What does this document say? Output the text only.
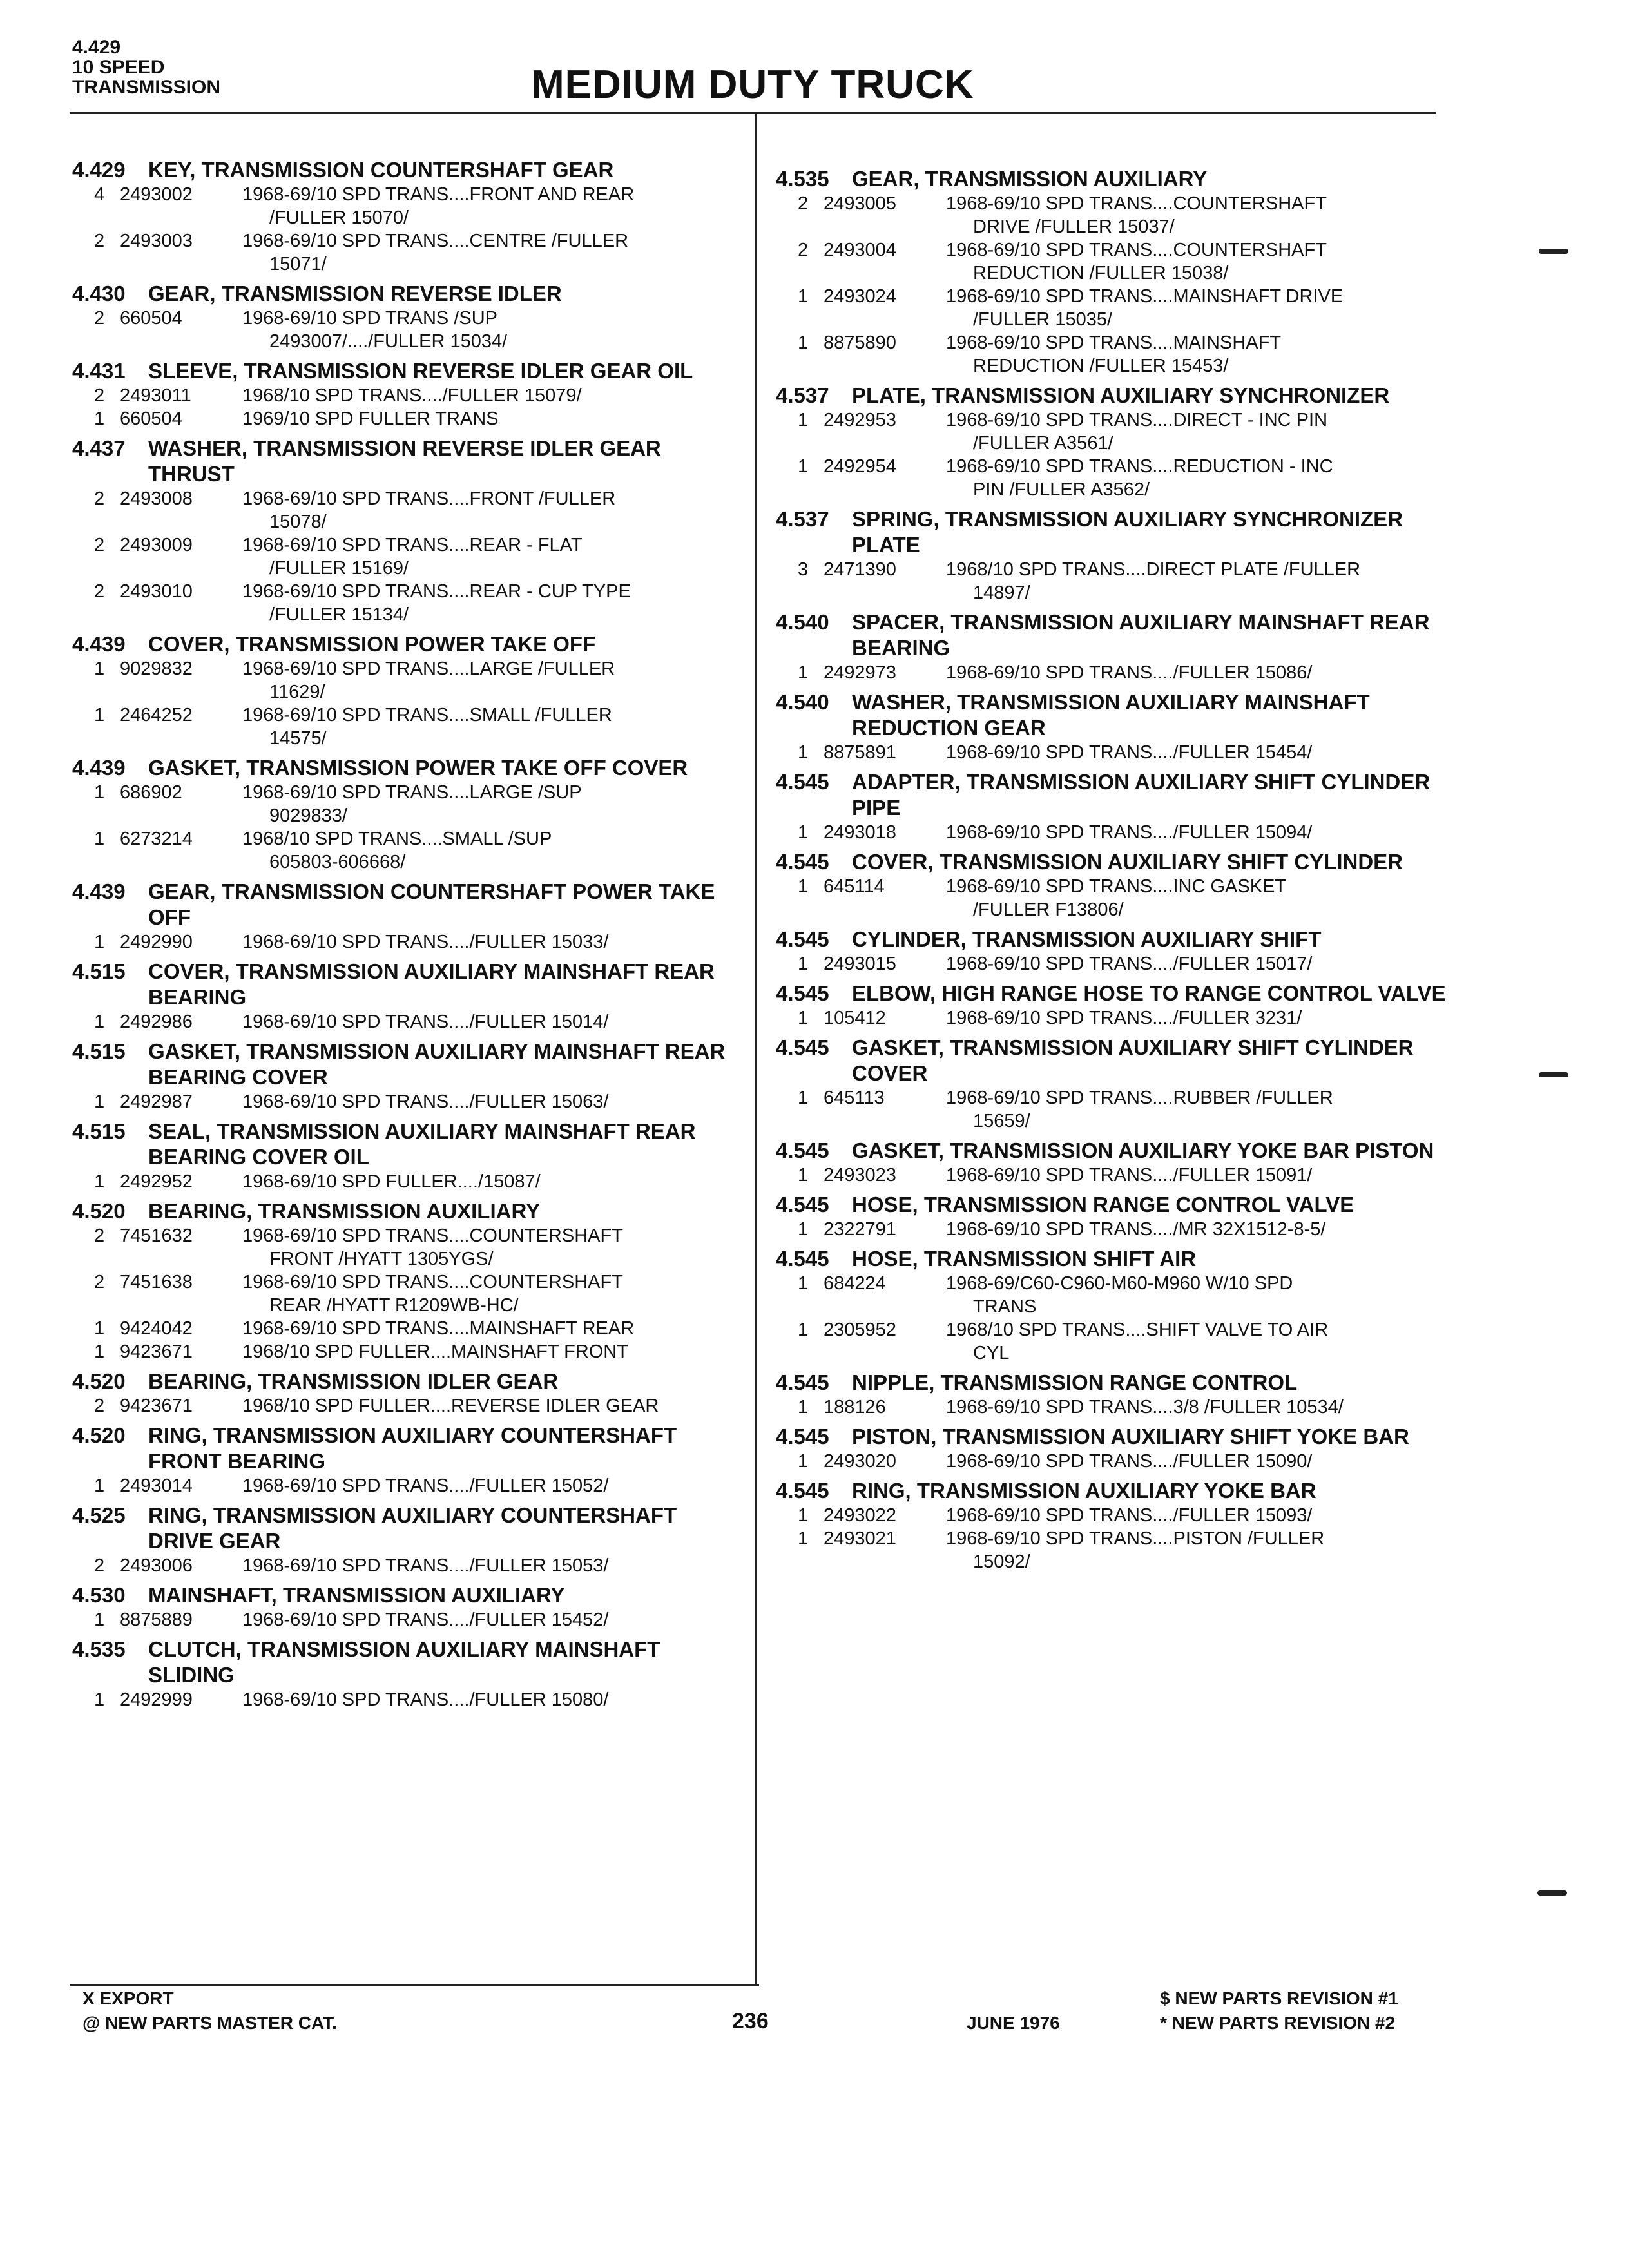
4.429
10 SPEED
TRANSMISSION	MEDIUM DUTY TRUCK
4.429	KEY, TRANSMISSION COUNTERSHAFT GEAR
4 2493002	1968-69/10 SPD TRANS....FRONT AND REAR
/FULLER 15070/
2 2493003	1968-69/10 SPD TRANS....CENTRE /FULLER
15071/
4.430	GEAR, TRANSMISSION REVERSE IDLER
2 660504	1968-69/10 SPD TRANS /SUP
2493007/..../FULLER 15034/
4.431	SLEEVE, TRANSMISSION REVERSE IDLER GEAR OIL
2 2493011	1968/10 SPD TRANS..../FULLER 15079/
1 660504	1969/10 SPD FULLER TRANS
4.437	WASHER, TRANSMISSION REVERSE IDLER GEAR THRUST
2 2493008	1968-69/10 SPD TRANS....FRONT /FULLER
15078/
2 2493009	1968-69/10 SPD TRANS....REAR - FLAT
/FULLER 15169/
2 2493010	1968-69/10 SPD TRANS....REAR - CUP TYPE
/FULLER 15134/
4.439	COVER, TRANSMISSION POWER TAKE OFF
1 9029832	1968-69/10 SPD TRANS....LARGE /FULLER
11629/
1 2464252	1968-69/10 SPD TRANS....SMALL /FULLER
14575/
4.439	GASKET, TRANSMISSION POWER TAKE OFF COVER
1 686902	1968-69/10 SPD TRANS....LARGE /SUP
9029833/
1 6273214	1968/10 SPD TRANS....SMALL /SUP
605803-606668/
4.439	GEAR, TRANSMISSION COUNTERSHAFT POWER TAKE OFF
1 2492990	1968-69/10 SPD TRANS..../FULLER 15033/
4.515	COVER, TRANSMISSION AUXILIARY MAINSHAFT REAR BEARING
1 2492986	1968-69/10 SPD TRANS..../FULLER 15014/
4.515	GASKET, TRANSMISSION AUXILIARY MAINSHAFT REAR BEARING COVER
1 2492987	1968-69/10 SPD TRANS..../FULLER 15063/
4.515	SEAL, TRANSMISSION AUXILIARY MAINSHAFT REAR BEARING COVER OIL
1 2492952	1968-69/10 SPD FULLER..../15087/
4.520	BEARING, TRANSMISSION AUXILIARY
2 7451632	1968-69/10 SPD TRANS....COUNTERSHAFT
FRONT /HYATT 1305YGS/
2 7451638	1968-69/10 SPD TRANS....COUNTERSHAFT
REAR /HYATT R1209WB-HC/
1 9424042	1968-69/10 SPD TRANS....MAINSHAFT REAR
1 9423671	1968/10 SPD FULLER....MAINSHAFT FRONT
4.520	BEARING, TRANSMISSION IDLER GEAR
2 9423671	1968/10 SPD FULLER....REVERSE IDLER GEAR
4.520	RING, TRANSMISSION AUXILIARY COUNTERSHAFT FRONT BEARING
1 2493014	1968-69/10 SPD TRANS..../FULLER 15052/
4.525	RING, TRANSMISSION AUXILIARY COUNTERSHAFT DRIVE GEAR
2 2493006	1968-69/10 SPD TRANS..../FULLER 15053/
4.530	MAINSHAFT, TRANSMISSION AUXILIARY
1 8875889	1968-69/10 SPD TRANS..../FULLER 15452/
4.535	CLUTCH, TRANSMISSION AUXILIARY MAINSHAFT SLIDING
1 2492999	1968-69/10 SPD TRANS..../FULLER 15080/
4.535	GEAR, TRANSMISSION AUXILIARY
2 2493005	1968-69/10 SPD TRANS....COUNTERSHAFT
DRIVE /FULLER 15037/
2 2493004	1968-69/10 SPD TRANS....COUNTERSHAFT
REDUCTION /FULLER 15038/
1 2493024	1968-69/10 SPD TRANS....MAINSHAFT DRIVE
/FULLER 15035/
1 8875890	1968-69/10 SPD TRANS....MAINSHAFT
REDUCTION /FULLER 15453/
4.537	PLATE, TRANSMISSION AUXILIARY SYNCHRONIZER
1 2492953	1968-69/10 SPD TRANS....DIRECT - INC PIN
/FULLER A3561/
1 2492954	1968-69/10 SPD TRANS....REDUCTION - INC
PIN /FULLER A3562/
4.537	SPRING, TRANSMISSION AUXILIARY SYNCHRONIZER PLATE
3 2471390	1968/10 SPD TRANS....DIRECT PLATE /FULLER
14897/
4.540	SPACER, TRANSMISSION AUXILIARY MAINSHAFT REAR BEARING
1 2492973	1968-69/10 SPD TRANS..../FULLER 15086/
4.540	WASHER, TRANSMISSION AUXILIARY MAINSHAFT REDUCTION GEAR
1 8875891	1968-69/10 SPD TRANS..../FULLER 15454/
4.545	ADAPTER, TRANSMISSION AUXILIARY SHIFT CYLINDER PIPE
1 2493018	1968-69/10 SPD TRANS..../FULLER 15094/
4.545	COVER, TRANSMISSION AUXILIARY SHIFT CYLINDER
1 645114	1968-69/10 SPD TRANS....INC GASKET
/FULLER F13806/
4.545	CYLINDER, TRANSMISSION AUXILIARY SHIFT
1 2493015	1968-69/10 SPD TRANS..../FULLER 15017/
4.545	ELBOW, HIGH RANGE HOSE TO RANGE CONTROL VALVE
1 105412	1968-69/10 SPD TRANS..../FULLER 3231/
4.545	GASKET, TRANSMISSION AUXILIARY SHIFT CYLINDER COVER
1 645113	1968-69/10 SPD TRANS....RUBBER /FULLER
15659/
4.545	GASKET, TRANSMISSION AUXILIARY YOKE BAR PISTON
1 2493023	1968-69/10 SPD TRANS..../FULLER 15091/
4.545	HOSE, TRANSMISSION RANGE CONTROL VALVE
1 2322791	1968-69/10 SPD TRANS..../MR 32X1512-8-5/
4.545	HOSE, TRANSMISSION SHIFT AIR
1 684224	1968-69/C60-C960-M60-M960 W/10 SPD
TRANS
1 2305952	1968/10 SPD TRANS....SHIFT VALVE TO AIR
CYL
4.545	NIPPLE, TRANSMISSION RANGE CONTROL
1 188126	1968-69/10 SPD TRANS....3/8 /FULLER 10534/
4.545	PISTON, TRANSMISSION AUXILIARY SHIFT YOKE BAR
1 2493020	1968-69/10 SPD TRANS..../FULLER 15090/
4.545	RING, TRANSMISSION AUXILIARY YOKE BAR
1 2493022	1968-69/10 SPD TRANS..../FULLER 15093/
1 2493021	1968-69/10 SPD TRANS....PISTON /FULLER
15092/
X EXPORT
@ NEW PARTS MASTER CAT.	236	JUNE 1976
$ NEW PARTS REVISION #1
* NEW PARTS REVISION #2
